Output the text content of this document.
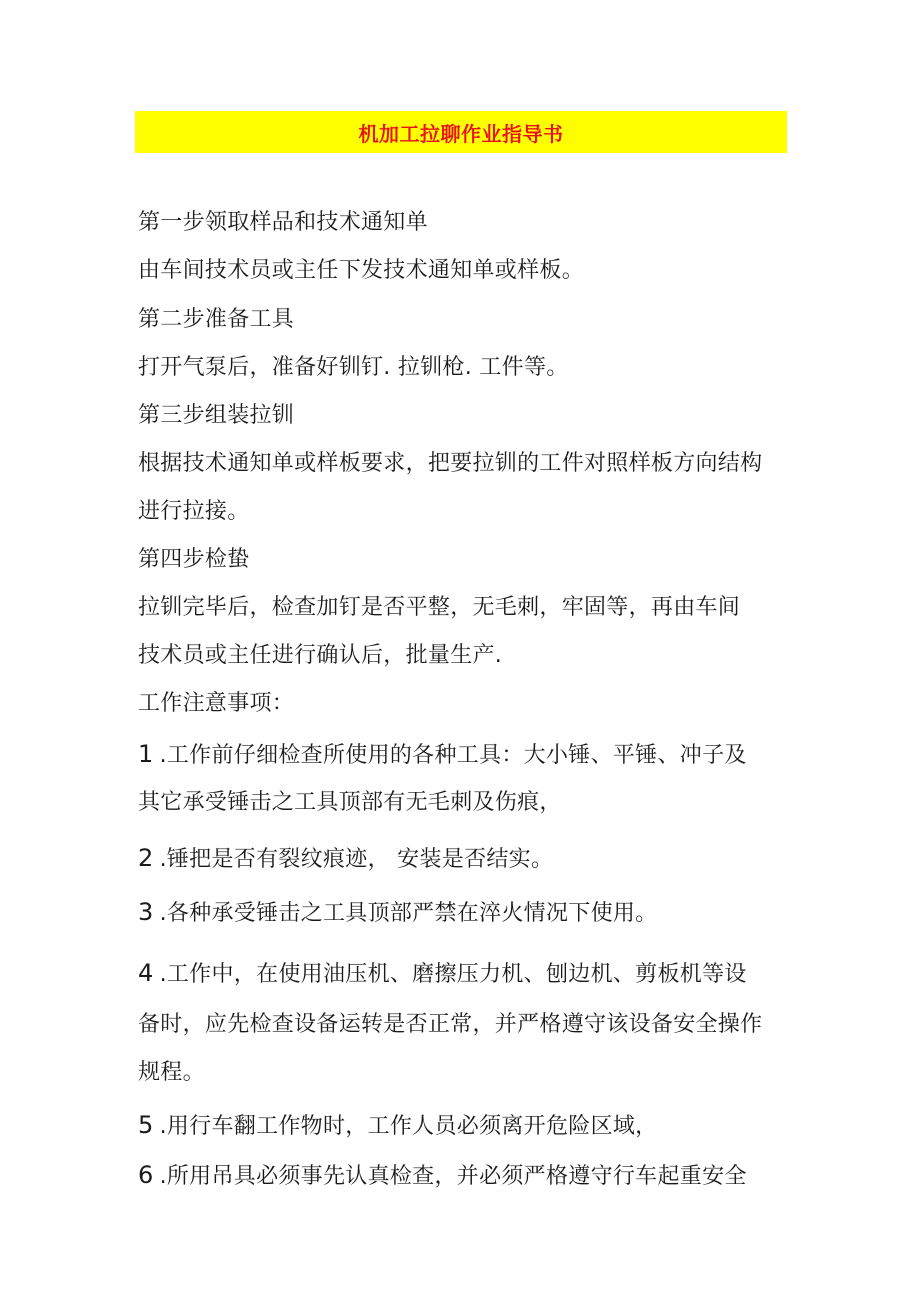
机加工拉聊作业指导书
第一步领取样品和技术通知单
由车间技术员或主任下发技术通知单或样板。
第二步准备工具
打开气泵后，准备好钏钉. 拉钏枪. 工件等。
第三步组装拉钏
根据技术通知单或样板要求，把要拉钏的工件对照样板方向结构
进行拉接。
第四步检蛰
拉钏完毕后，检查加钉是否平整，无毛刺，牢固等，再由车间
技术员或主任进行确认后，批量生产.
工作注意事项：
1 .工作前仔细检查所使用的各种工具：大小锤、平锤、冲子及
其它承受锤击之工具顶部有无毛刺及伤痕，
2 .锤把是否有裂纹痕迹， 安装是否结实。
3 .各种承受锤击之工具顶部严禁在淬火情况下使用。
4 .工作中，在使用油压机、磨擦压力机、刨边机、剪板机等设
备时，应先检查设备运转是否正常，并严格遵守该设备安全操作
规程。
5 .用行车翻工作物时，工作人员必须离开危险区域，
6 .所用吊具必须事先认真检查，并必须严格遵守行车起重安全
